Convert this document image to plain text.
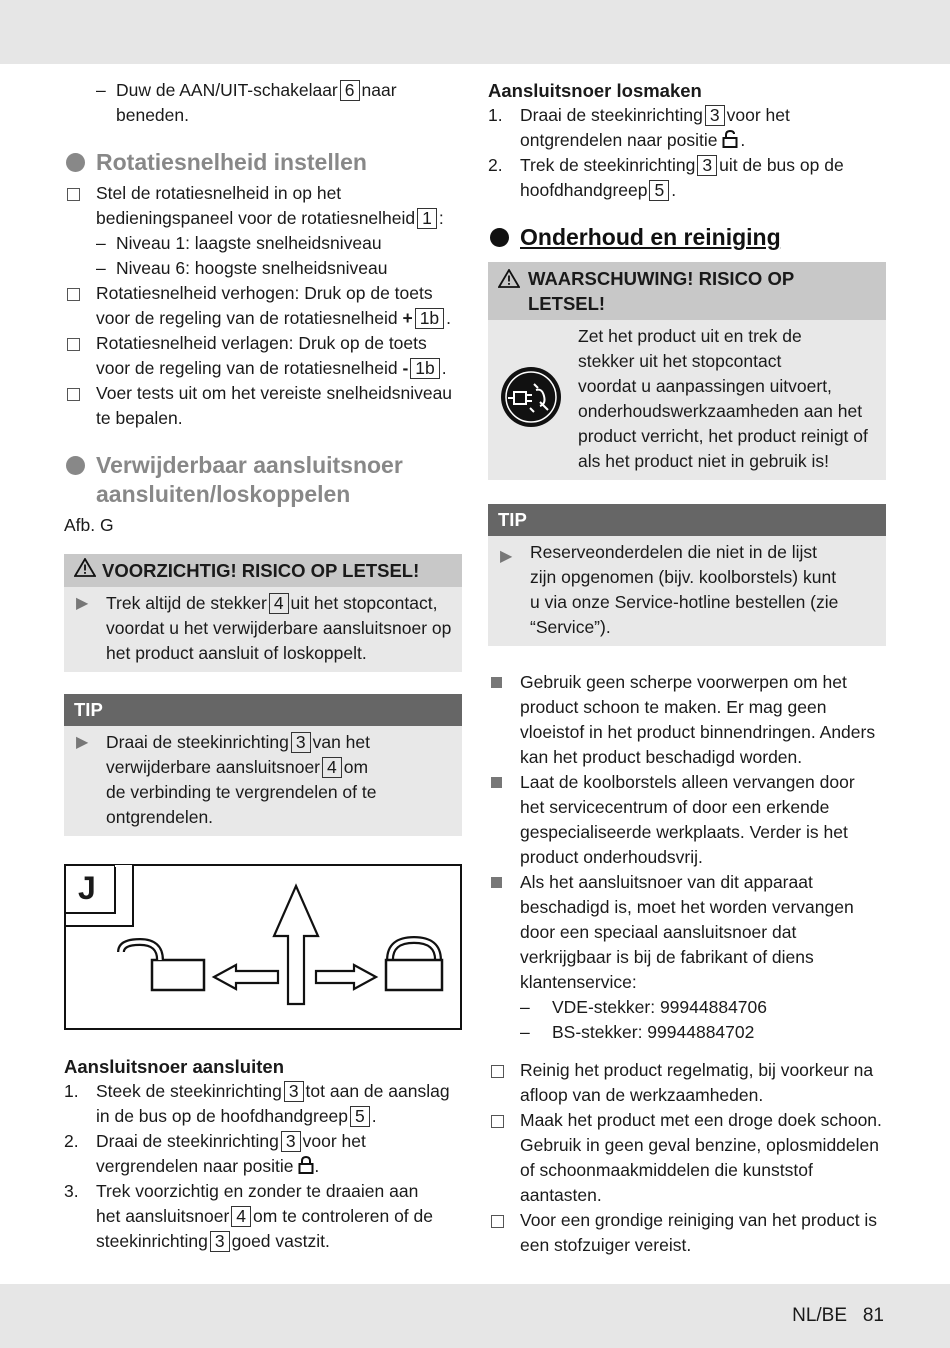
– Duw de AAN/UIT-schakelaar 6 naar
beneden.
Rotatiesnelheid instellen
Stel de rotatiesnelheid in op het
bedieningspaneel voor de rotatiesnelheid 1 :
– Niveau 1: laagste snelheidsniveau
– Niveau 6: hoogste snelheidsniveau
Rotatiesnelheid verhogen: Druk op de toets
voor de regeling van de rotatiesnelheid + 1b .
Rotatiesnelheid verlagen: Druk op de toets
voor de regeling van de rotatiesnelheid - 1b .
Voer tests uit om het vereiste snelheidsniveau
te bepalen.
Verwijderbaar aansluitsnoer
aansluiten/loskoppelen
Afb. G
VOORZICHTIG! RISICO OP LETSEL!
▶ Trek altijd de stekker 4 uit het stopcontact,
voordat u het verwijderbare aansluitsnoer op
het product aansluit of loskoppelt.
TIP
▶ Draai de steekinrichting 3 van het
verwijderbare aansluitsnoer 4 om
de verbinding te vergrendelen of te
ontgrendelen.
J
Aansluitsnoer aansluiten
1. Steek de steekinrichting 3 tot aan de aanslag
in de bus op de hoofdhandgreep 5 .
2. Draai de steekinrichting 3 voor het
vergrendelen naar positie .
3. Trek voorzichtig en zonder te draaien aan
het aansluitsnoer 4 om te controleren of de
steekinrichting 3 goed vastzit.
Aansluitsnoer losmaken
1. Draai de steekinrichting 3 voor het
ontgrendelen naar positie .
2. Trek de steekinrichting 3 uit de bus op de
hoofdhandgreep 5 .
Onderhoud en reiniging
WAARSCHUWING! RISICO OP
LETSEL!
Zet het product uit en trek de
stekker uit het stopcontact
voordat u aanpassingen uitvoert,
onderhoudswerkzaamheden aan het
product verricht, het product reinigt of
als het product niet in gebruik is!
TIP
▶ Reserveonderdelen die niet in de lijst
zijn opgenomen (bijv. koolborstels) kunt
u via onze Service-hotline bestellen (zie
“Service”).
Gebruik geen scherpe voorwerpen om het
product schoon te maken. Er mag geen
vloeistof in het product binnendringen. Anders
kan het product beschadigd worden.
Laat de koolborstels alleen vervangen door
het servicecentrum of door een erkende
gespecialiseerde werkplaats. Verder is het
product onderhoudsvrij.
Als het aansluitsnoer van dit apparaat
beschadigd is, moet het worden vervangen
door een speciaal aansluitsnoer dat
verkrijgbaar is bij de fabrikant of diens
klantenservice:
– VDE-stekker: 99944884706
– BS-stekker: 99944884702
Reinig het product regelmatig, bij voorkeur na
afloop van de werkzaamheden.
Maak het product met een droge doek schoon.
Gebruik in geen geval benzine, oplosmiddelen
of schoonmaakmiddelen die kunststof
aantasten.
Voor een grondige reiniging van het product is
een stofzuiger vereist.
NL/BE 81
